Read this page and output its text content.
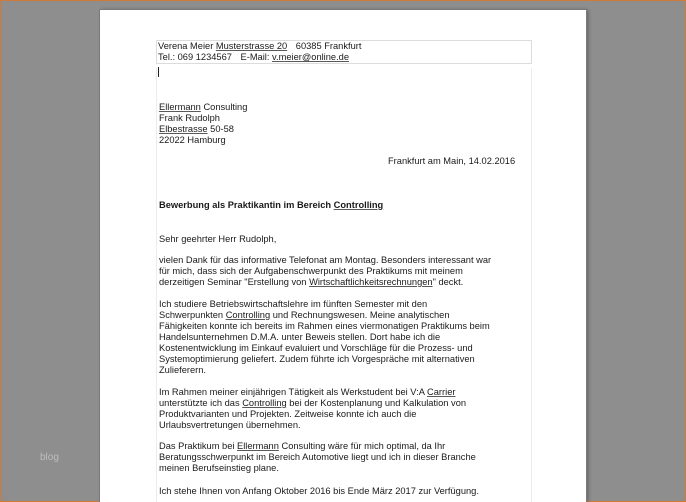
blog
Verena Meier Musterstrasse 20 60385 Frankfurt
Tel.: 069 1234567 E-Mail: v.meier@online.de
Ellermann Consulting
Frank Rudolph
Elbestrasse 50-58
22022 Hamburg
Frankfurt am Main, 14.02.2016
Bewerbung als Praktikantin im Bereich Controlling
Sehr geehrter Herr Rudolph,
vielen Dank für das informative Telefonat am Montag. Besonders interessant war
für mich, dass sich der Aufgabenschwerpunkt des Praktikums mit meinem
derzeitigen Seminar "Erstellung von Wirtschaftlichkeitsrechnungen" deckt.
Ich studiere Betriebswirtschaftslehre im fünften Semester mit den
Schwerpunkten Controlling und Rechnungswesen. Meine analytischen
Fähigkeiten konnte ich bereits im Rahmen eines viermonatigen Praktikums beim
Handelsunternehmen D.M.A. unter Beweis stellen. Dort habe ich die
Kostenentwicklung im Einkauf evaluiert und Vorschläge für die Prozess- und
Systemoptimierung geliefert. Zudem führte ich Vorgespräche mit alternativen
Zulieferern.
Im Rahmen meiner einjährigen Tätigkeit als Werkstudent bei V:A Carrier
unterstützte ich das Controlling bei der Kostenplanung und Kalkulation von
Produktvarianten und Projekten. Zeitweise konnte ich auch die
Urlaubsvertretungen übernehmen.
Das Praktikum bei Ellermann Consulting wäre für mich optimal, da Ihr
Beratungsschwerpunkt im Bereich Automotive liegt und ich in dieser Branche
meinen Berufseinstieg plane.
Ich stehe Ihnen von Anfang Oktober 2016 bis Ende März 2017 zur Verfügung.
